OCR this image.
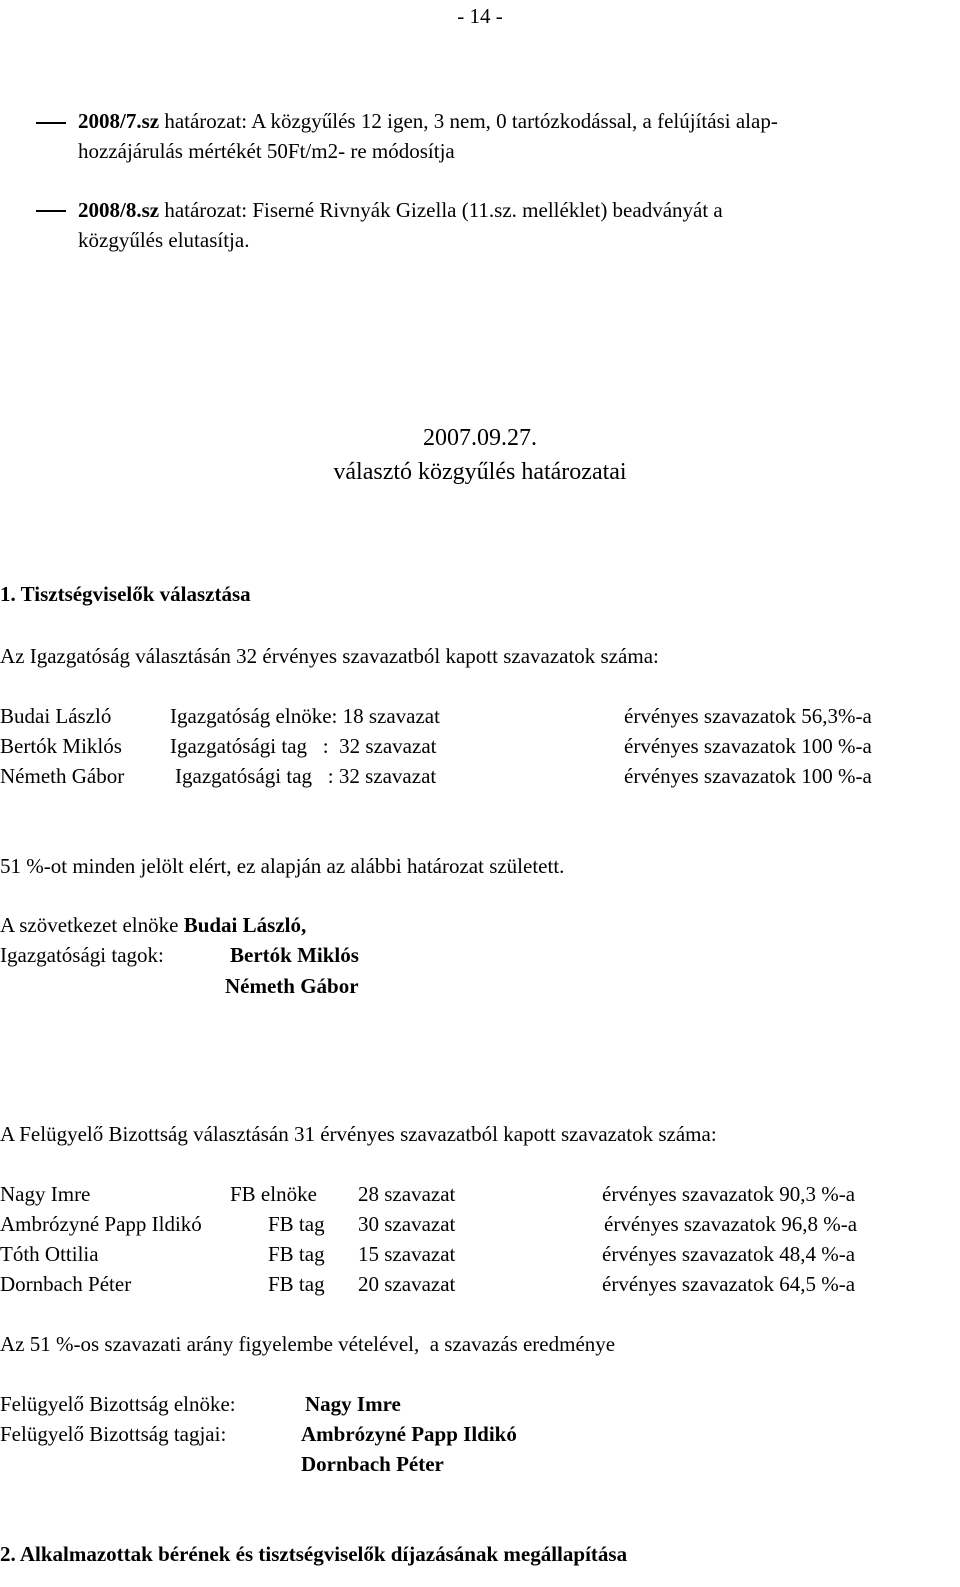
- 14 -
2008/7.sz határozat: A közgyűlés 12 igen, 3 nem, 0 tartózkodással, a felújítási alap-
hozzájárulás mértékét 50Ft/m2- re módosítja
2008/8.sz határozat: Fiserné Rivnyák Gizella (11.sz. melléklet) beadványát a
közgyűlés elutasítja.
2007.09.27.
választó közgyűlés határozatai
1. Tisztségviselők választása
Az Igazgatóság választásán 32 érvényes szavazatból kapott szavazatok száma:
Budai László	Igazgatóság elnöke: 18 szavazat	érvényes szavazatok 56,3%-a
Bertók Miklós Igazgatósági tag   :  32 szavazat	érvényes szavazatok 100 %-a
Németh Gábor Igazgatósági tag   : 32 szavazat	érvényes szavazatok 100 %-a
51 %-ot minden jelölt elért, ez alapján az alábbi határozat született.
A szövetkezet elnöke Budai László,
Igazgatósági tagok:	Bertók Miklós
Németh Gábor
A Felügyelő Bizottság választásán 31 érvényes szavazatból kapott szavazatok száma:
Nagy Imre	FB elnöke 28 szavazat	érvényes szavazatok 90,3 %-a
Ambrózyné Papp Ildikó	FB tag 30 szavazat	érvényes szavazatok 96,8 %-a
Tóth Ottilia	FB tag 15 szavazat	érvényes szavazatok 48,4 %-a
Dornbach Péter	FB tag 20 szavazat	érvényes szavazatok 64,5 %-a
Az 51 %-os szavazati arány figyelembe vételével,  a szavazás eredménye
Felügyelő Bizottság elnöke:	Nagy Imre
Felügyelő Bizottság tagjai:	Ambrózyné Papp Ildikó
Dornbach Péter
2. Alkalmazottak bérének és tisztségviselők díjazásának megállapítása
